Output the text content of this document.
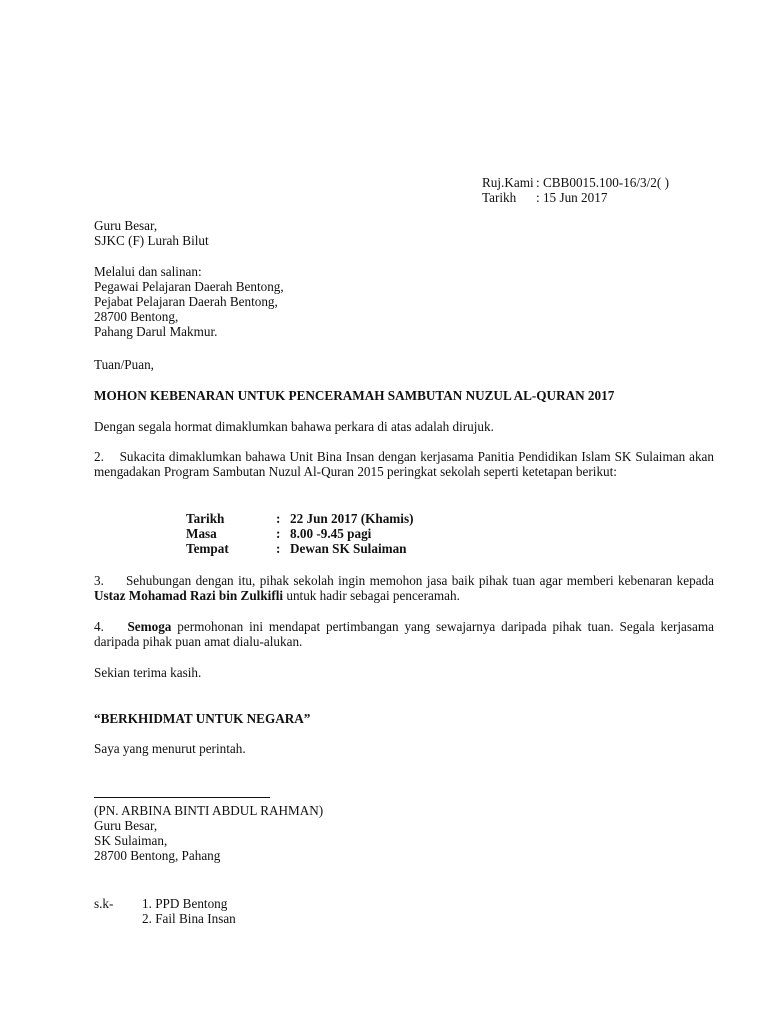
Ruj.Kami : CBB0015.100-16/3/2( )
Tarikh	: 15 Jun 2017
Guru Besar,
SJKC (F) Lurah Bilut
Melalui dan salinan:
Pegawai Pelajaran Daerah Bentong,
Pejabat Pelajaran Daerah Bentong,
28700 Bentong,
Pahang Darul Makmur.
Tuan/Puan,
MOHON KEBENARAN UNTUK PENCERAMAH SAMBUTAN NUZUL AL-QURAN 2017
Dengan segala hormat dimaklumkan bahawa perkara di atas adalah dirujuk.
2.    Sukacita dimaklumkan bahawa Unit Bina Insan dengan kerjasama Panitia Pendidikan Islam SK Sulaiman akan mengadakan Program Sambutan Nuzul Al-Quran 2015 peringkat sekolah seperti ketetapan berikut:
Tarikh	: 22 Jun 2017 (Khamis)
Masa	: 8.00 -9.45 pagi
Tempat	: Dewan SK Sulaiman
3.     Sehubungan dengan itu, pihak sekolah ingin memohon jasa baik pihak tuan agar memberi kebenaran kepada Ustaz Mohamad Razi bin Zulkifli untuk hadir sebagai penceramah.
4.    Semoga permohonan ini mendapat pertimbangan yang sewajarnya daripada pihak tuan. Segala kerjasama daripada pihak puan amat dialu-alukan.
Sekian terima kasih.
“BERKHIDMAT UNTUK NEGARA”
Saya yang menurut perintah.
(PN. ARBINA BINTI ABDUL RAHMAN)
Guru Besar,
SK Sulaiman,
28700 Bentong, Pahang
s.k-	1. PPD Bentong
2. Fail Bina Insan
